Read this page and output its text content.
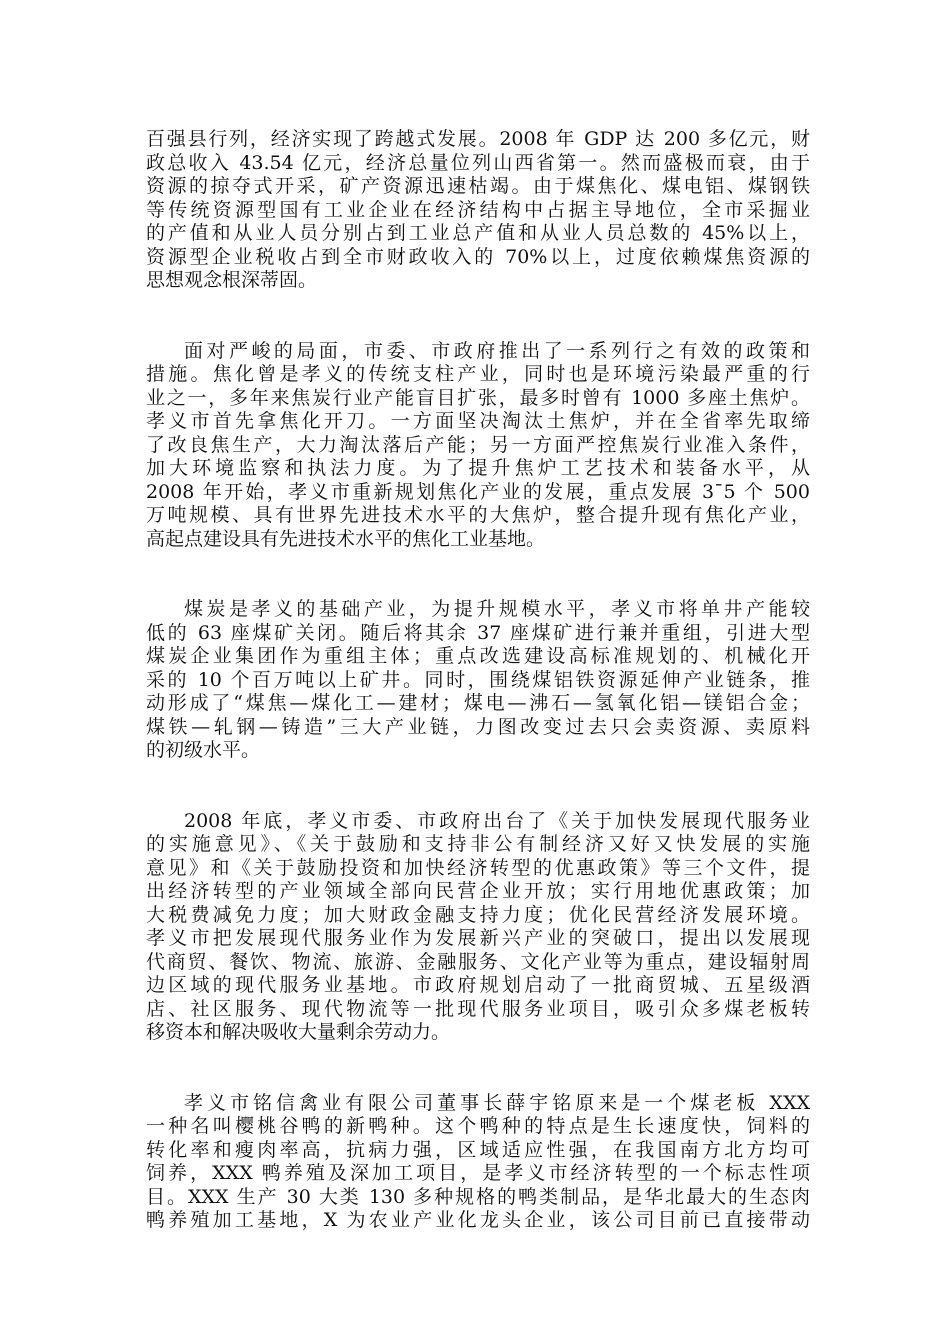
百强县行列，经济实现了跨越式发展。2008 年 GDP 达 200 多亿元，财
政总收入 43.54 亿元，经济总量位列山西省第一。然而盛极而衰，由于
资源的掠夺式开采，矿产资源迅速枯竭。由于煤焦化、煤电铝、煤钢铁
等传统资源型国有工业企业在经济结构中占据主导地位，全市采掘业
的产值和从业人员分别占到工业总产值和从业人员总数的 45%以上，
资源型企业税收占到全市财政收入的 70%以上，过度依赖煤焦资源的
思想观念根深蒂固。
面对严峻的局面，市委、市政府推出了一系列行之有效的政策和
措施。焦化曾是孝义的传统支柱产业，同时也是环境污染最严重的行
业之一，多年来焦炭行业产能盲目扩张，最多时曾有 1000 多座土焦炉。
孝义市首先拿焦化开刀。一方面坚决淘汰土焦炉，并在全省率先取缔
了改良焦生产，大力淘汰落后产能；另一方面严控焦炭行业准入条件，
加大环境监察和执法力度。为了提升焦炉工艺技术和装备水平，从
2008 年开始，孝义市重新规划焦化产业的发展，重点发展 3¯5 个 500
万吨规模、具有世界先进技术水平的大焦炉，整合提升现有焦化产业，
高起点建设具有先进技术水平的焦化工业基地。
煤炭是孝义的基础产业，为提升规模水平，孝义市将单井产能较
低的 63 座煤矿关闭。随后将其余 37 座煤矿进行兼并重组，引进大型
煤炭企业集团作为重组主体；重点改选建设高标准规划的、机械化开
采的 10 个百万吨以上矿井。同时，围绕煤铝铁资源延伸产业链条，推
动形成了“煤焦—煤化工—建材；煤电—沸石—氢氧化铝—镁铝合金；
煤铁—轧钢—铸造”三大产业链，力图改变过去只会卖资源、卖原料
的初级水平。
2008 年底，孝义市委、市政府出台了《关于加快发展现代服务业
的实施意见》、《关于鼓励和支持非公有制经济又好又快发展的实施
意见》和《关于鼓励投资和加快经济转型的优惠政策》等三个文件，提
出经济转型的产业领域全部向民营企业开放；实行用地优惠政策；加
大税费减免力度；加大财政金融支持力度；优化民营经济发展环境。
孝义市把发展现代服务业作为发展新兴产业的突破口，提出以发展现
代商贸、餐饮、物流、旅游、金融服务、文化产业等为重点，建设辐射周
边区域的现代服务业基地。市政府规划启动了一批商贸城、五星级酒
店、社区服务、现代物流等一批现代服务业项目，吸引众多煤老板转
移资本和解决吸收大量剩余劳动力。
孝义市铭信禽业有限公司董事长薛宇铭原来是一个煤老板 XXX
一种名叫樱桃谷鸭的新鸭种。这个鸭种的特点是生长速度快，饲料的
转化率和瘦肉率高，抗病力强，区域适应性强，在我国南方北方均可
饲养，XXX 鸭养殖及深加工项目，是孝义市经济转型的一个标志性项
目。XXX 生产 30 大类 130 多种规格的鸭类制品，是华北最大的生态肉
鸭养殖加工基地，X 为农业产业化龙头企业，该公司目前已直接带动
